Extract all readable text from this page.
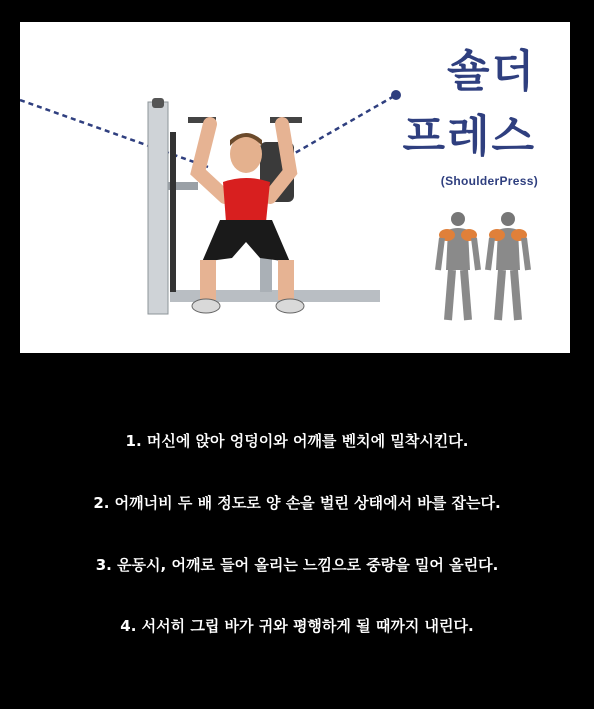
숄더
프레스
(ShoulderPress)
1. 머신에 앉아 엉덩이와 어깨를 벤치에 밀착시킨다.
2. 어깨너비 두 배 정도로 양 손을 벌린 상태에서 바를 잡는다.
3. 운동시, 어깨로 들어 올리는 느낌으로 중량을 밀어 올린다.
4. 서서히 그립 바가 귀와 평행하게 될 때까지 내린다.
